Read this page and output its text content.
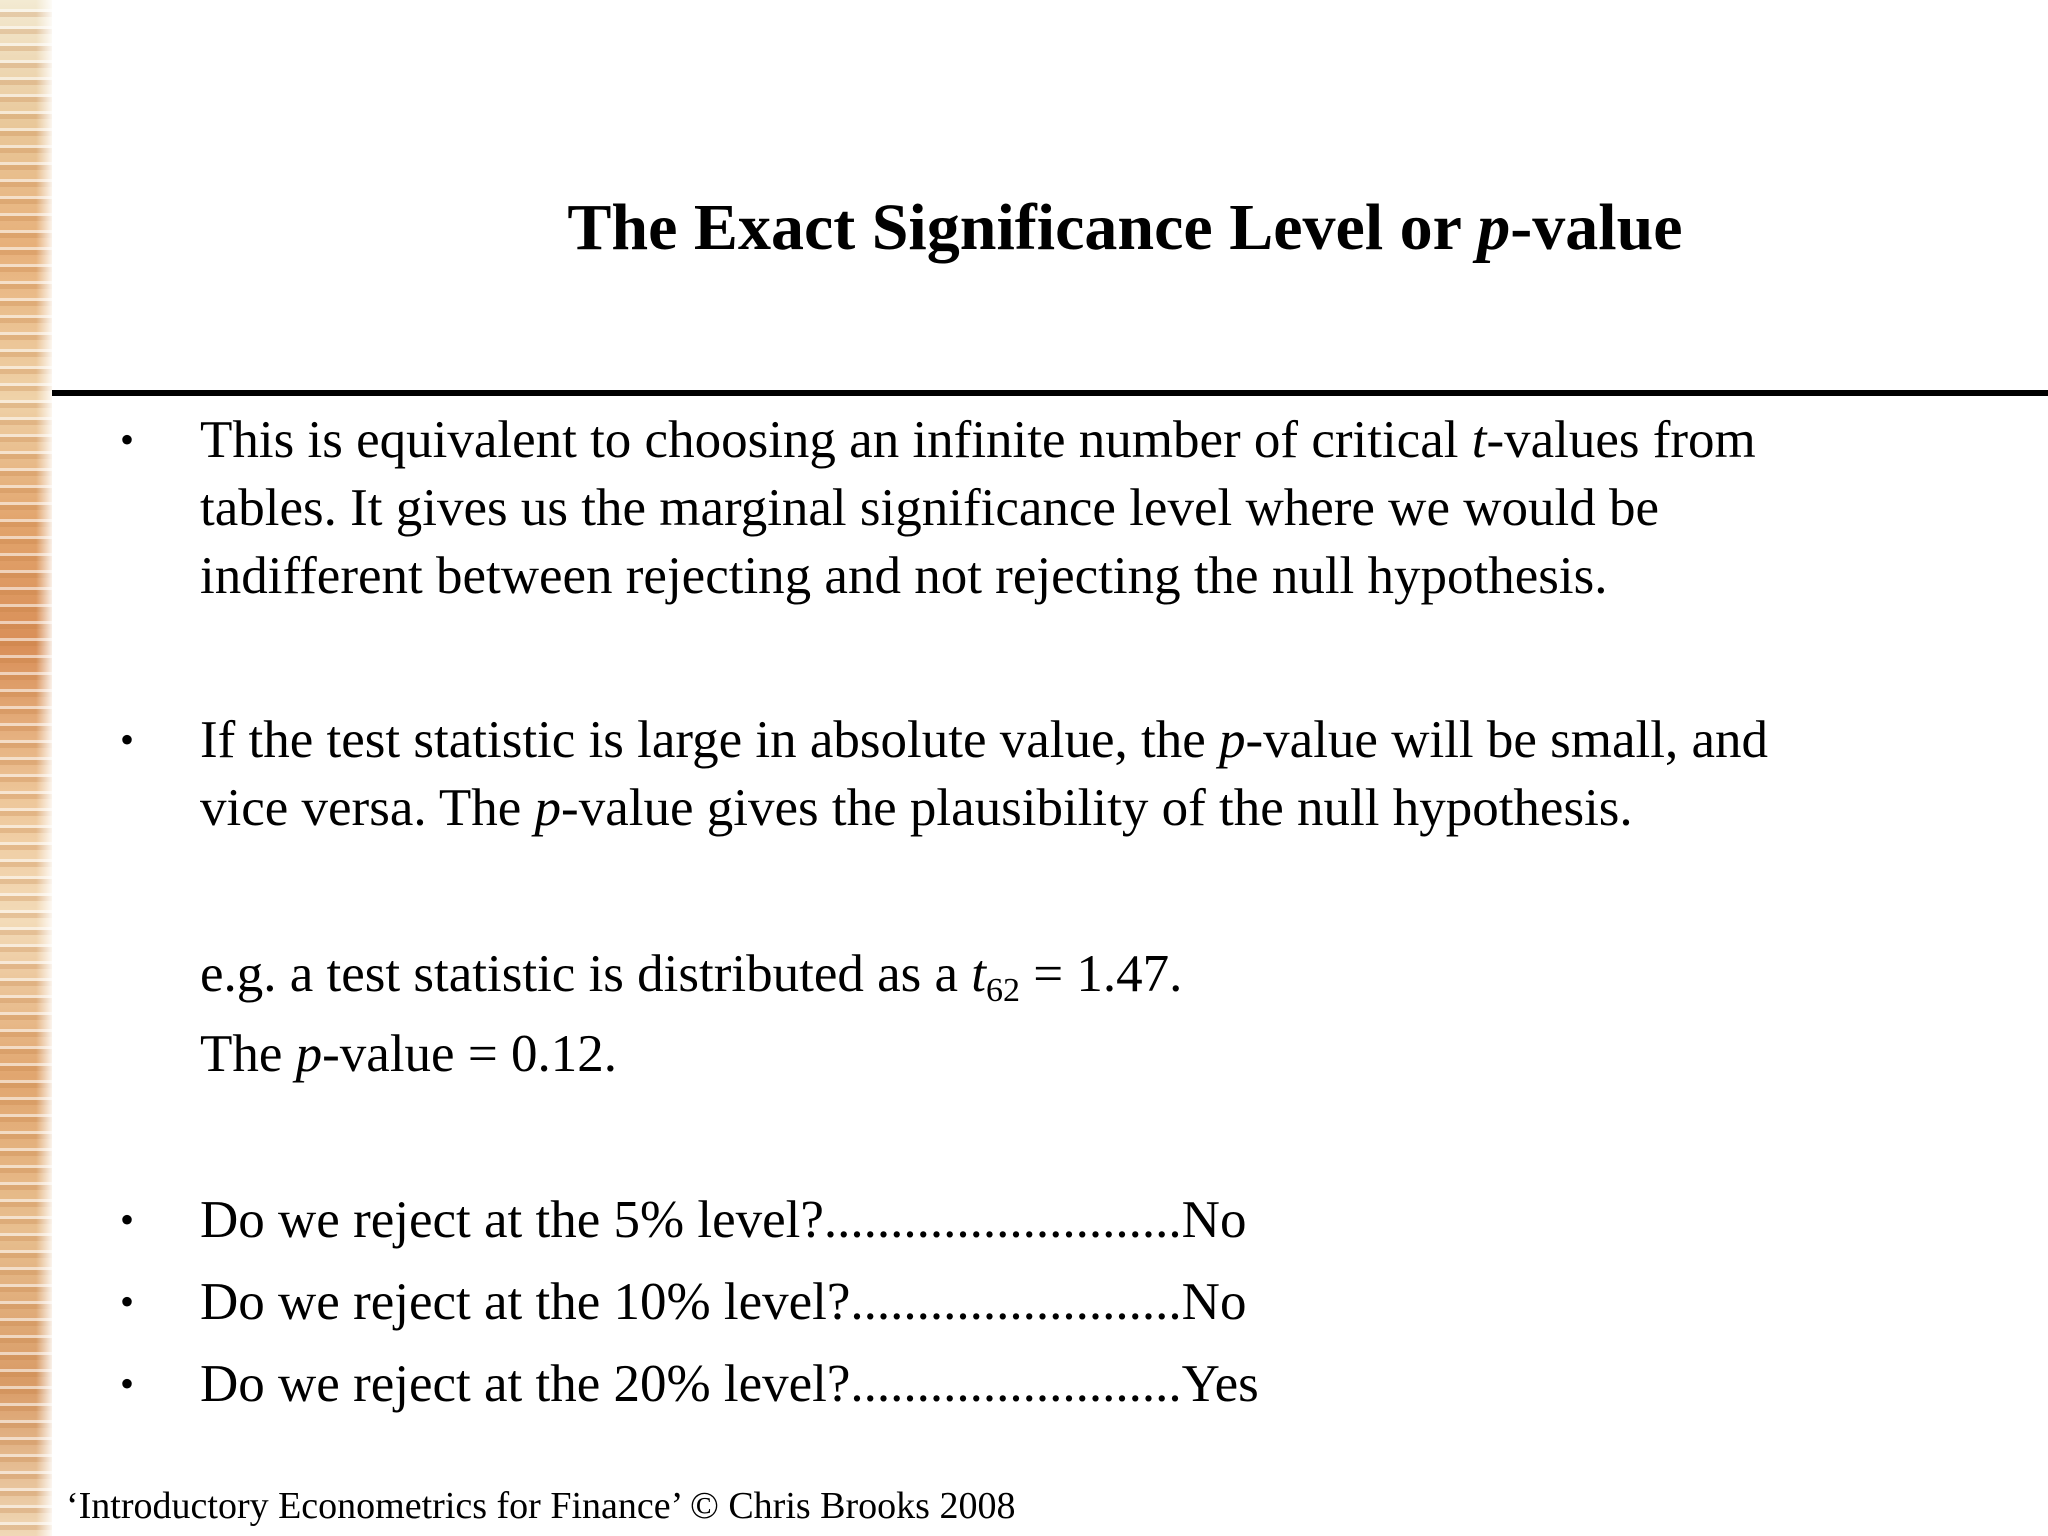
The Exact Significance Level or p-value
•	This is equivalent to choosing an infinite number of critical t-values from
tables. It gives us the marginal significance level where we would be
indifferent between rejecting and not rejecting the null hypothesis.
•	If the test statistic is large in absolute value, the p-value will be small, and
vice versa. The p-value gives the plausibility of the null hypothesis.
e.g. a test statistic is distributed as a $t_{62} = 1.47$.
The p-value = 0.12.
•	Do we reject at the 5% level?...........................No
•	Do we reject at the 10% level?.........................No
•	Do we reject at the 20% level?.........................Yes
‘Introductory Econometrics for Finance’ © Chris Brooks 2008
